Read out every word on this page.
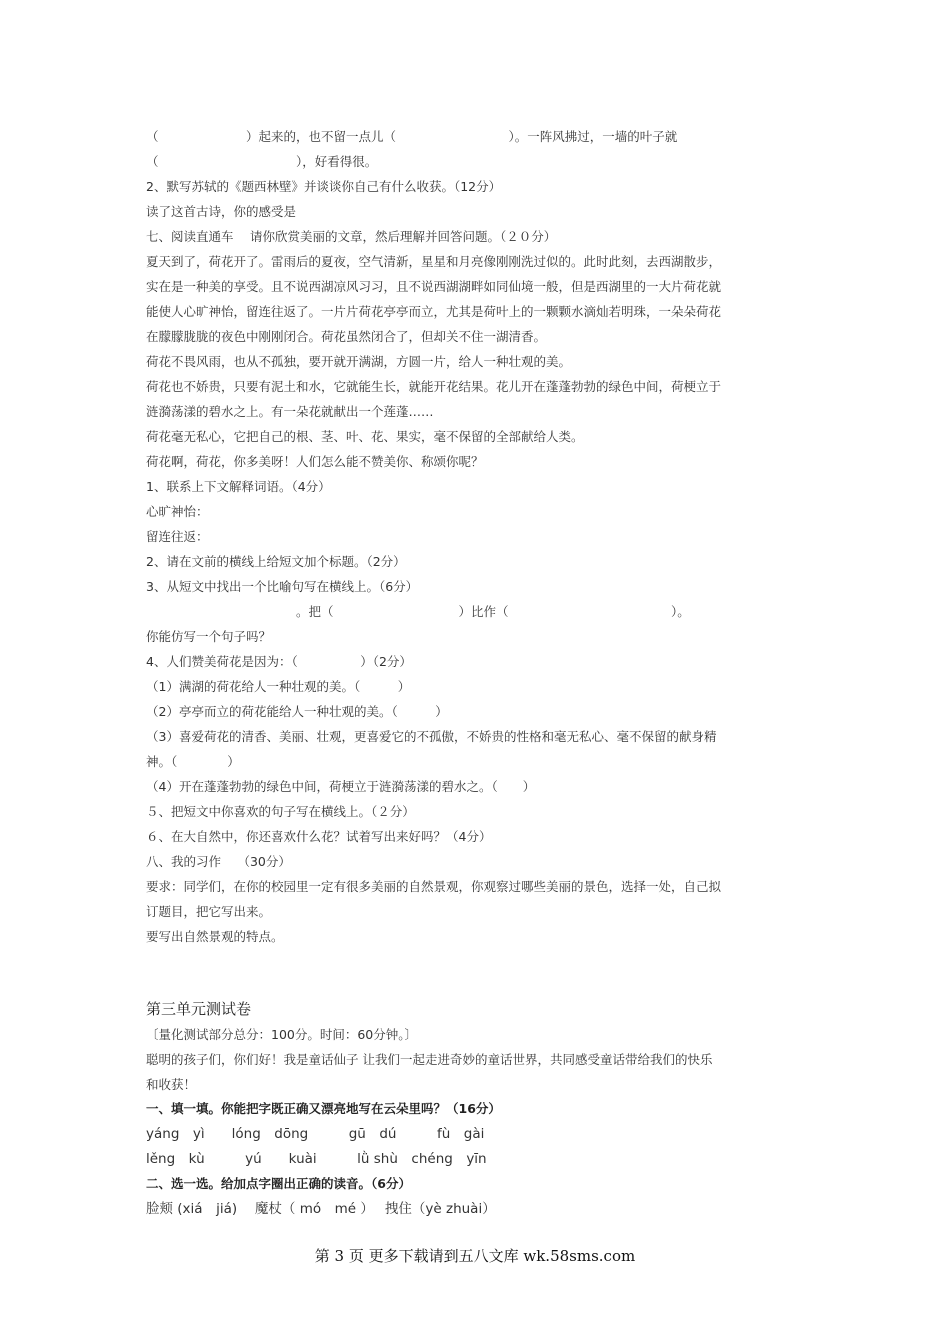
（　　　　　　　）起来的，也不留一点儿（　　　　　　　　　）。一阵风拂过，一墙的叶子就
（　　　　　　　　　　　），好看得很。
2、默写苏轼的《题西林壁》并谈谈你自己有什么收获。（12分）
读了这首古诗，你的感受是
七、阅读直通车　 请你欣赏美丽的文章，然后理解并回答问题。（２０分）
夏天到了，荷花开了。雷雨后的夏夜，空气清新，星星和月亮像刚刚洗过似的。此时此刻，去西湖散步，
实在是一种美的享受。且不说西湖凉风习习，且不说西湖湖畔如同仙境一般，但是西湖里的一大片荷花就
能使人心旷神怡，留连往返了。一片片荷花亭亭而立，尤其是荷叶上的一颗颗水滴灿若明珠，一朵朵荷花
在朦朦胧胧的夜色中刚刚闭合。荷花虽然闭合了，但却关不住一湖清香。
荷花不畏风雨，也从不孤独，要开就开满湖，方圆一片，给人一种壮观的美。
荷花也不娇贵，只要有泥土和水，它就能生长，就能开花结果。花儿开在蓬蓬勃勃的绿色中间，荷梗立于
涟漪荡漾的碧水之上。有一朵花就献出一个莲蓬……
荷花毫无私心，它把自己的根、茎、叶、花、果实，毫不保留的全部献给人类。
荷花啊，荷花，你多美呀！人们怎么能不赞美你、称颂你呢？
1、联系上下文解释词语。（4分）
心旷神怡：
留连往返：
2、请在文前的横线上给短文加个标题。（2分）
3、从短文中找出一个比喻句写在横线上。（6分）
　　　　　　　　　　　　。把（　　　　　　　　　　）比作（　　　　　　　　　　　　　）。
你能仿写一个句子吗？
4、人们赞美荷花是因为：（　　　　　）（2分）
（1）满湖的荷花给人一种壮观的美。（　　　）
（2）亭亭而立的荷花能给人一种壮观的美。（　　　）
（3）喜爱荷花的清香、美丽、壮观，更喜爱它的不孤傲，不娇贵的性格和毫无私心、毫不保留的献身精
神。（　　　　）
（4）开在蓬蓬勃勃的绿色中间，荷梗立于涟漪荡漾的碧水之。（　　）
５、把短文中你喜欢的句子写在横线上。（２分）
６、在大自然中，你还喜欢什么花？试着写出来好吗？（4分）
八、我的习作　 （30分）
要求：同学们，在你的校园里一定有很多美丽的自然景观，你观察过哪些美丽的景色，选择一处，自己拟
订题目，把它写出来。
要写出自然景观的特点。
第三单元测试卷
〔量化测试部分总分：100分。时间：60分钟。〕
聪明的孩子们，你们好！我是童话仙子 让我们一起走进奇妙的童话世界，共同感受童话带给我们的快乐
和收获！
一、填一填。你能把字既正确又漂亮地写在云朵里吗？（16分）
yáng　yì　　lóng　dōng　　　gū　dú　　　fù　gài
lěng　kù　　　yú　　kuài　　　lǜ shù　chéng　yīn
二、选一选。给加点字圈出正确的读音。（6分）
脸颊 (xiá　jiá)　 魔杖（ mó　mé ）　 拽住（yè zhuài）
第 3 页 更多下载请到五八文库 wk.58sms.com
